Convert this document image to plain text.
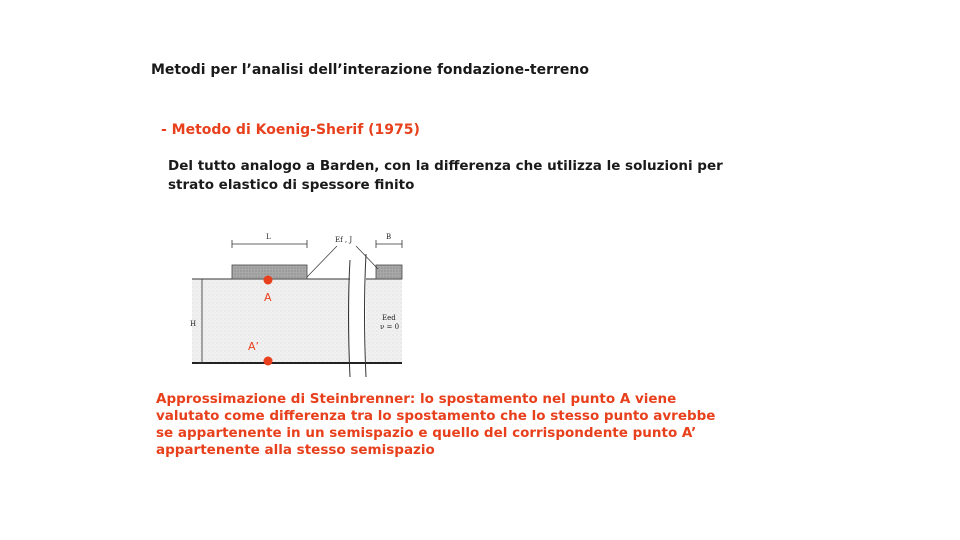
Metodi per l’analisi dell’interazione fondazione-terreno
- Metodo di Koenig-Sherif (1975)
Del tutto analogo a Barden, con la differenza che utilizza le soluzioni per
strato elastico di spessore finito
L	B
Ef , J
H
Eed
ν = 0
A
A’
Approssimazione di Steinbrenner: lo spostamento nel punto A viene
valutato come differenza tra lo spostamento che lo stesso punto avrebbe
se appartenente in un semispazio e quello del corrispondente punto A’
appartenente alla stesso semispazio
